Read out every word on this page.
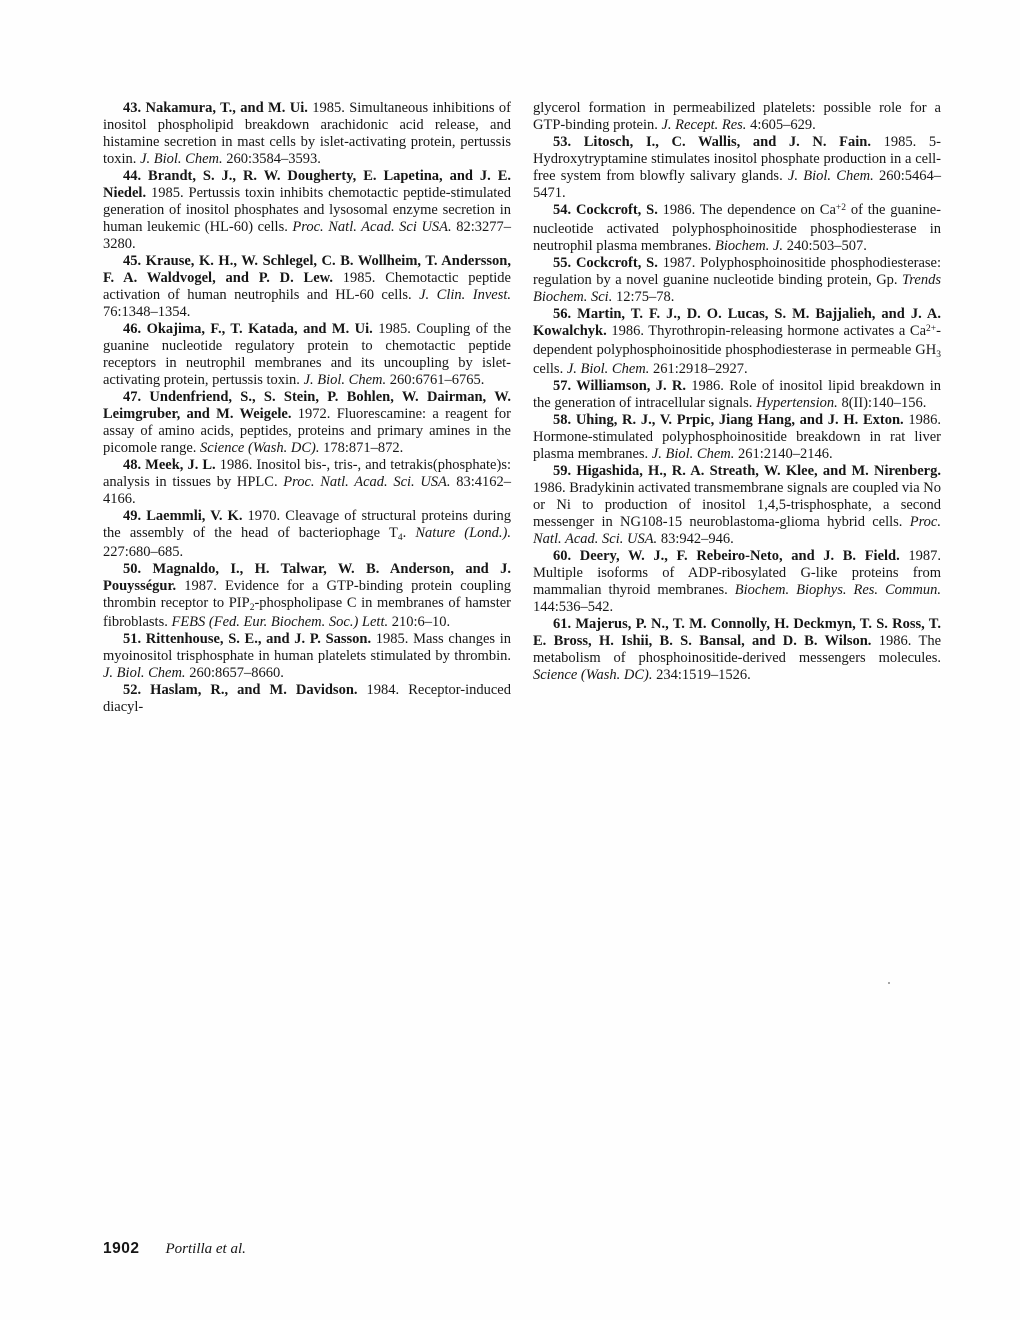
43. Nakamura, T., and M. Ui. 1985. Simultaneous inhibitions of inositol phospholipid breakdown arachidonic acid release, and histamine secretion in mast cells by islet-activating protein, pertussis toxin. J. Biol. Chem. 260:3584–3593.

44. Brandt, S. J., R. W. Dougherty, E. Lapetina, and J. E. Niedel. 1985. Pertussis toxin inhibits chemotactic peptide-stimulated generation of inositol phosphates and lysosomal enzyme secretion in human leukemic (HL-60) cells. Proc. Natl. Acad. Sci USA. 82:3277–3280.

45. Krause, K. H., W. Schlegel, C. B. Wollheim, T. Andersson, F. A. Waldvogel, and P. D. Lew. 1985. Chemotactic peptide activation of human neutrophils and HL-60 cells. J. Clin. Invest. 76:1348–1354.

46. Okajima, F., T. Katada, and M. Ui. 1985. Coupling of the guanine nucleotide regulatory protein to chemotactic peptide receptors in neutrophil membranes and its uncoupling by islet-activating protein, pertussis toxin. J. Biol. Chem. 260:6761–6765.

47. Undenfriend, S., S. Stein, P. Bohlen, W. Dairman, W. Leimgruber, and M. Weigele. 1972. Fluorescamine: a reagent for assay of amino acids, peptides, proteins and primary amines in the picomole range. Science (Wash. DC). 178:871–872.

48. Meek, J. L. 1986. Inositol bis-, tris-, and tetrakis(phosphate)s: analysis in tissues by HPLC. Proc. Natl. Acad. Sci. USA. 83:4162–4166.

49. Laemmli, V. K. 1970. Cleavage of structural proteins during the assembly of the head of bacteriophage T4. Nature (Lond.). 227:680–685.

50. Magnaldo, I., H. Talwar, W. B. Anderson, and J. Pouysségur. 1987. Evidence for a GTP-binding protein coupling thrombin receptor to PIP2-phospholipase C in membranes of hamster fibroblasts. FEBS (Fed. Eur. Biochem. Soc.) Lett. 210:6–10.

51. Rittenhouse, S. E., and J. P. Sasson. 1985. Mass changes in myoinositol trisphosphate in human platelets stimulated by thrombin. J. Biol. Chem. 260:8657–8660.

52. Haslam, R., and M. Davidson. 1984. Receptor-induced diacyl-

glycerol formation in permeabilized platelets: possible role for a GTP-binding protein. J. Recept. Res. 4:605–629.

53. Litosch, I., C. Wallis, and J. N. Fain. 1985. 5-Hydroxytryptamine stimulates inositol phosphate production in a cell-free system from blowfly salivary glands. J. Biol. Chem. 260:5464–5471.

54. Cockcroft, S. 1986. The dependence on $Ca^{+2}$ of the guanine-nucleotide activated polyphosphoinositide phosphodiesterase in neutrophil plasma membranes. Biochem. J. 240:503–507.

55. Cockcroft, S. 1987. Polyphosphoinositide phosphodiesterase: regulation by a novel guanine nucleotide binding protein, Gp. Trends Biochem. Sci. 12:75–78.

56. Martin, T. F. J., D. O. Lucas, S. M. Bajjalieh, and J. A. Kowalchyk. 1986. Thyrothropin-releasing hormone activates a $Ca^{2+}$-dependent polyphosphoinositide phosphodiesterase in permeable GH3 cells. J. Biol. Chem. 261:2918–2927.

57. Williamson, J. R. 1986. Role of inositol lipid breakdown in the generation of intracellular signals. Hypertension. 8(II):140–156.

58. Uhing, R. J., V. Prpic, Jiang Hang, and J. H. Exton. 1986. Hormone-stimulated polyphosphoinositide breakdown in rat liver plasma membranes. J. Biol. Chem. 261:2140–2146.

59. Higashida, H., R. A. Streath, W. Klee, and M. Nirenberg. 1986. Bradykinin activated transmembrane signals are coupled via No or Ni to production of inositol 1,4,5-trisphosphate, a second messenger in NG108-15 neuroblastoma-glioma hybrid cells. Proc. Natl. Acad. Sci. USA. 83:942–946.

60. Deery, W. J., F. Rebeiro-Neto, and J. B. Field. 1987. Multiple isoforms of ADP-ribosylated G-like proteins from mammalian thyroid membranes. Biochem. Biophys. Res. Commun. 144:536–542.

61. Majerus, P. N., T. M. Connolly, H. Deckmyn, T. S. Ross, T. E. Bross, H. Ishii, B. S. Bansal, and D. B. Wilson. 1986. The metabolism of phosphoinositide-derived messengers molecules. Science (Wash. DC). 234:1519–1526.

1902 Portilla et al.
